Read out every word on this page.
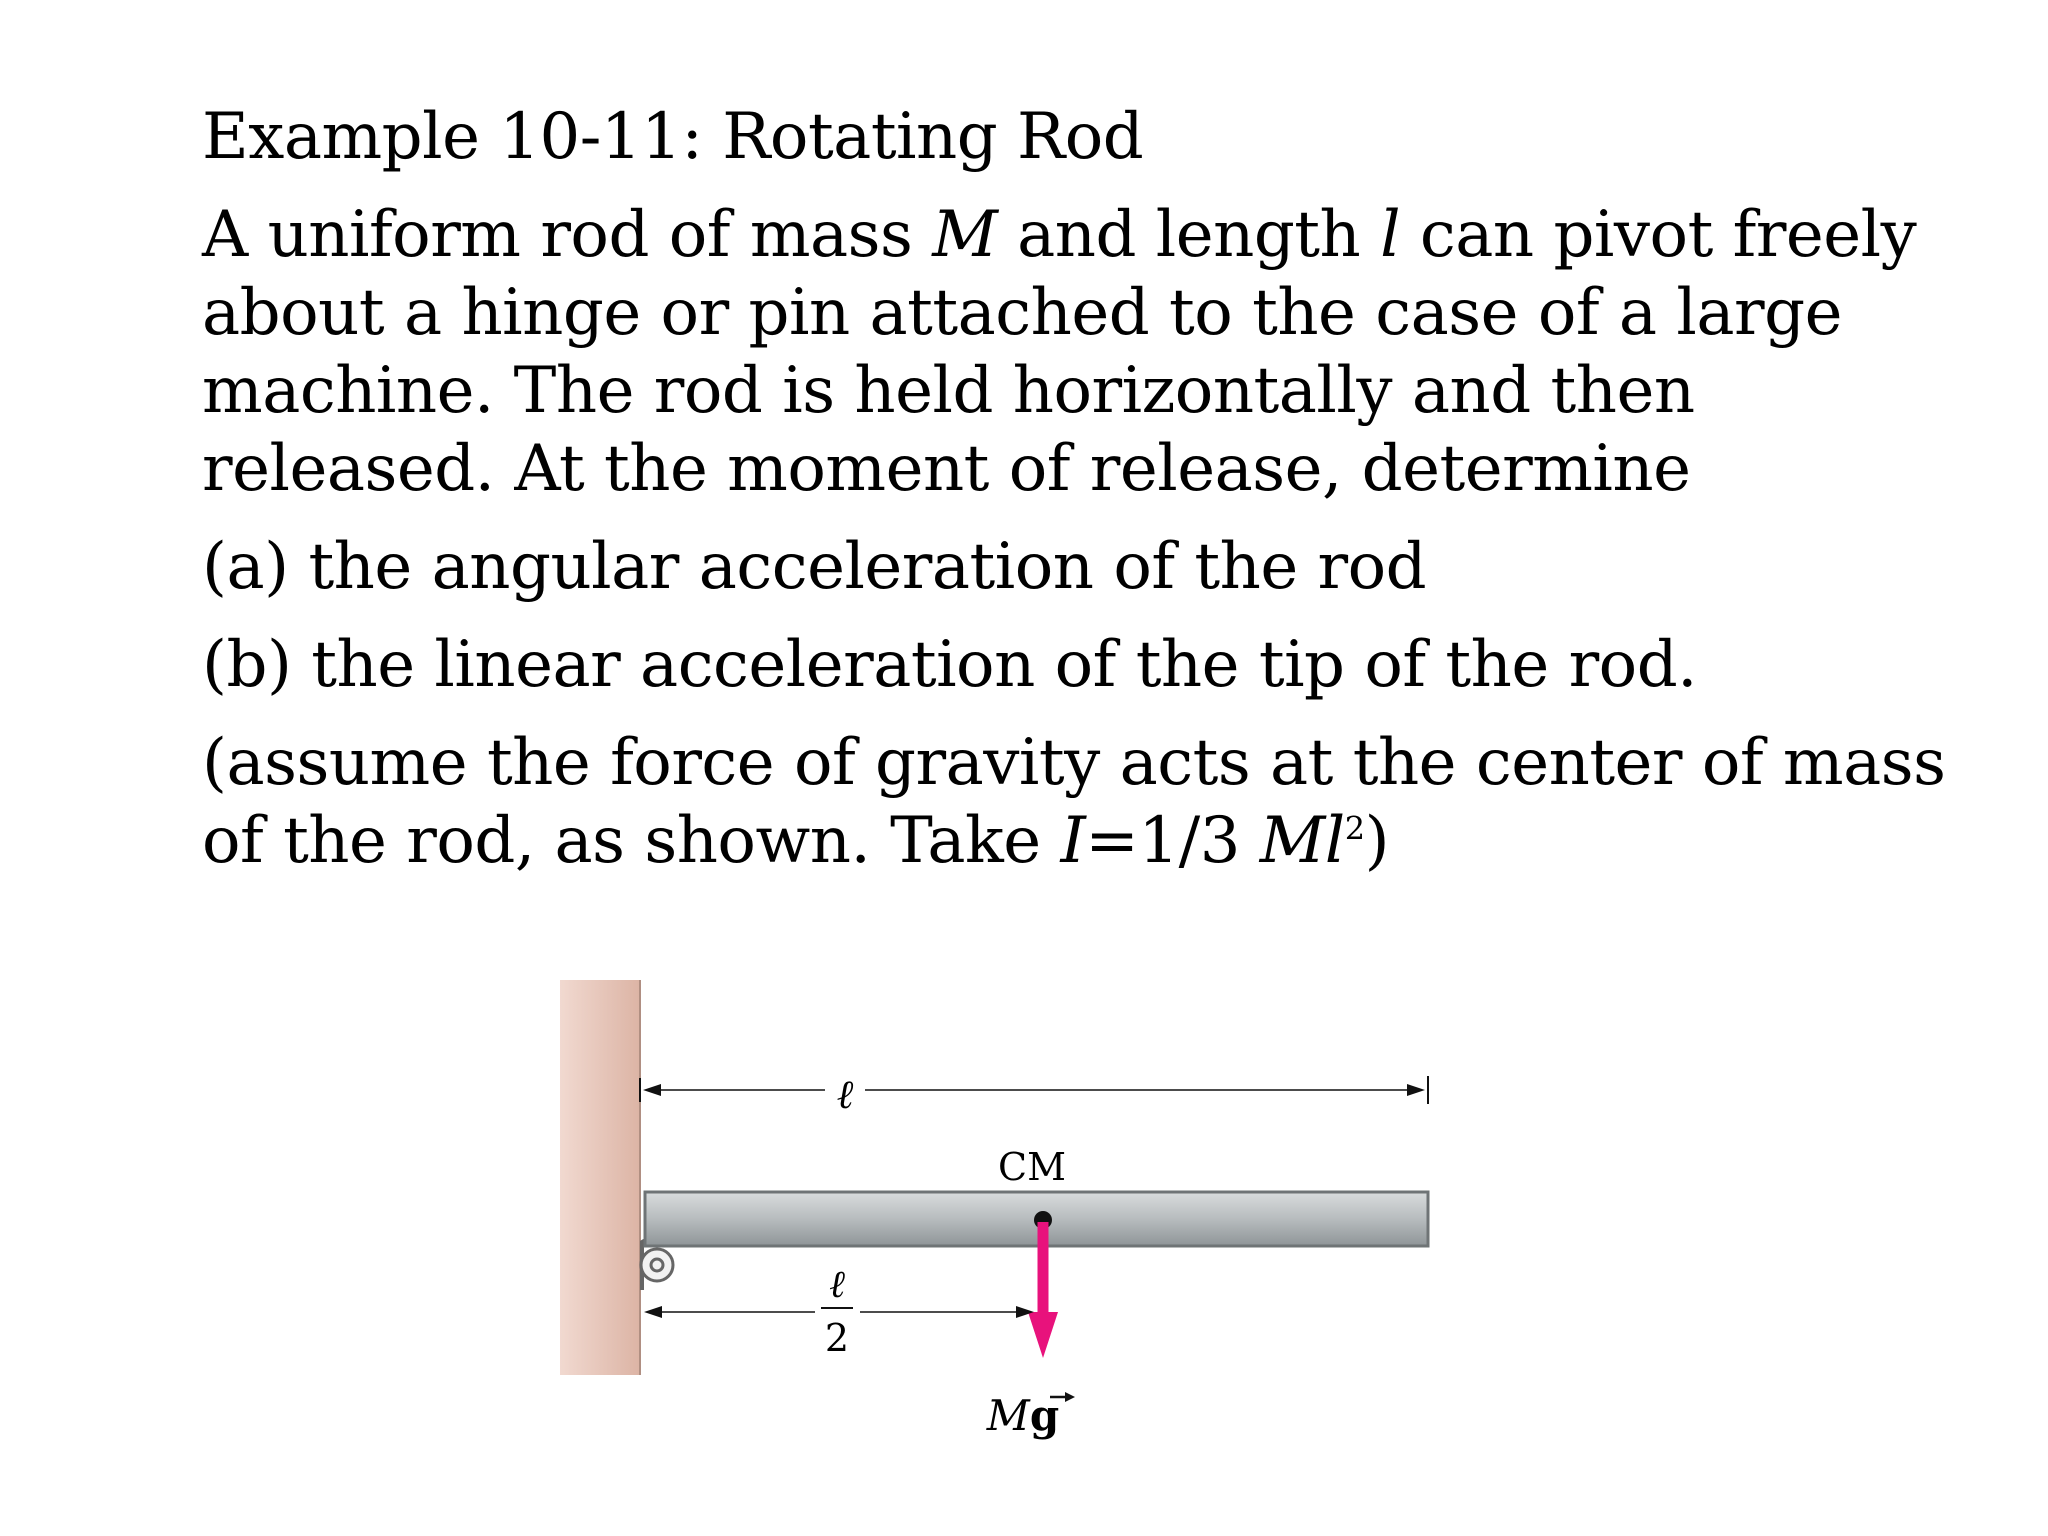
Example 10-11: Rotating Rod
A uniform rod of mass M and length l can pivot freely about a hinge or pin attached to the case of a large machine. The rod is held horizontally and then released. At the moment of release, determine
(a) the angular acceleration of the rod
(b) the linear acceleration of the tip of the rod.
(assume the force of gravity acts at the center of mass of the rod, as shown. Take I=1/3 Ml$^2$)
ℓ
CM
Mg
ℓ
2
